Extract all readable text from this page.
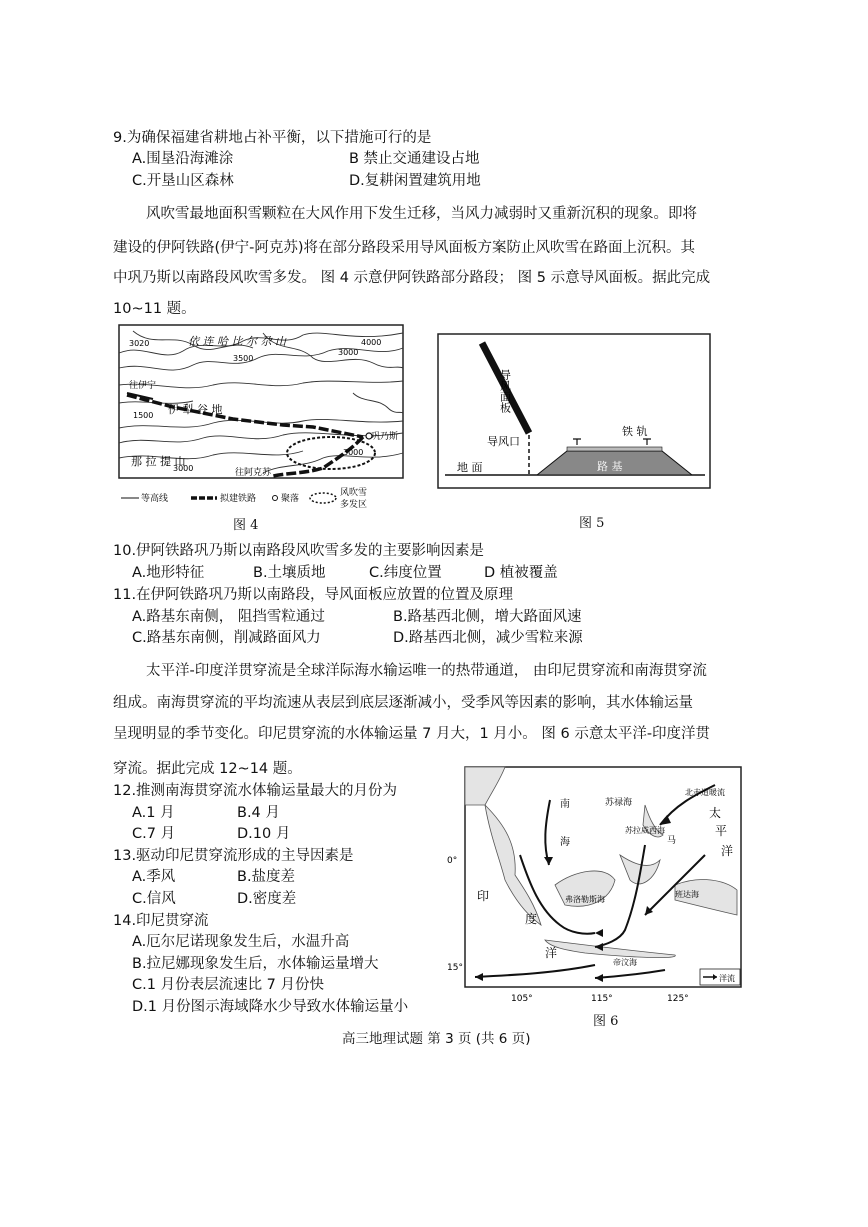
9.为确保福建省耕地占补平衡，以下措施可行的是
A.围垦沿海滩涂	B 禁止交通建设占地
C.开垦山区森林	D.复耕闲置建筑用地
风吹雪最地面积雪颗粒在大风作用下发生迁移，当风力减弱时又重新沉积的现象。即将
建设的伊阿铁路(伊宁-阿克苏)将在部分路段采用导风面板方案防止风吹雪在路面上沉积。其
中巩乃斯以南路段风吹雪多发。 图 4 示意伊阿铁路部分路段； 图 5 示意导风面板。据此完成
10~11 题。
3020
3500
3000
4000
依 连 哈 比 尔 尕 山
往伊宁
1500 伊 犁 谷 地
巩乃斯
那 拉 提 山
3000
3000
往阿克苏
等高线	拟建铁路	聚落
风吹雪
多发区
图 4
导风面板
导风口
铁 轨
地 面	路 基
图 5
10.伊阿铁路巩乃斯以南路段风吹雪多发的主要影响因素是
A.地形特征	B.土壤质地	C.纬度位置	D 植被覆盖
11.在伊阿铁路巩乃斯以南路段，导风面板应放置的位置及原理
A.路基东南侧， 阻挡雪粒通过	B.路基西北侧，增大路面风速
C.路基东南侧，削减路面风力	D.路基西北侧，减少雪粒来源
太平洋-印度洋贯穿流是全球洋际海水输运唯一的热带通道， 由印尼贯穿流和南海贯穿流
组成。南海贯穿流的平均流速从表层到底层逐渐减小，受季风等因素的影响，其水体输运量
呈现明显的季节变化。印尼贯穿流的水体输运量 7 月大，1 月小。 图 6 示意太平洋-印度洋贯
穿流。据此完成 12~14 题。
12.推测南海贯穿流水体输运量最大的月份为
A.1 月	B.4 月
C.7 月	D.10 月
13.驱动印尼贯穿流形成的主导因素是
A.季风	B.盐度差
C.信风	D.密度差
14.印尼贯穿流
A.厄尔尼诺现象发生后，水温升高
B.拉尼娜现象发生后，水体输运量增大
C.1 月份表层流速比 7 月份快
D.1 月份图示海域降水少导致水体输运量小
北赤道暖流
太
平
洋
南
海
苏禄海
苏拉威西海
马
印
度
洋
弗洛勒斯海
班达海
帝汶海
0°
15°
105°	115°	125°
洋流
图 6
高三地理试题 第 3 页 (共 6 页)
